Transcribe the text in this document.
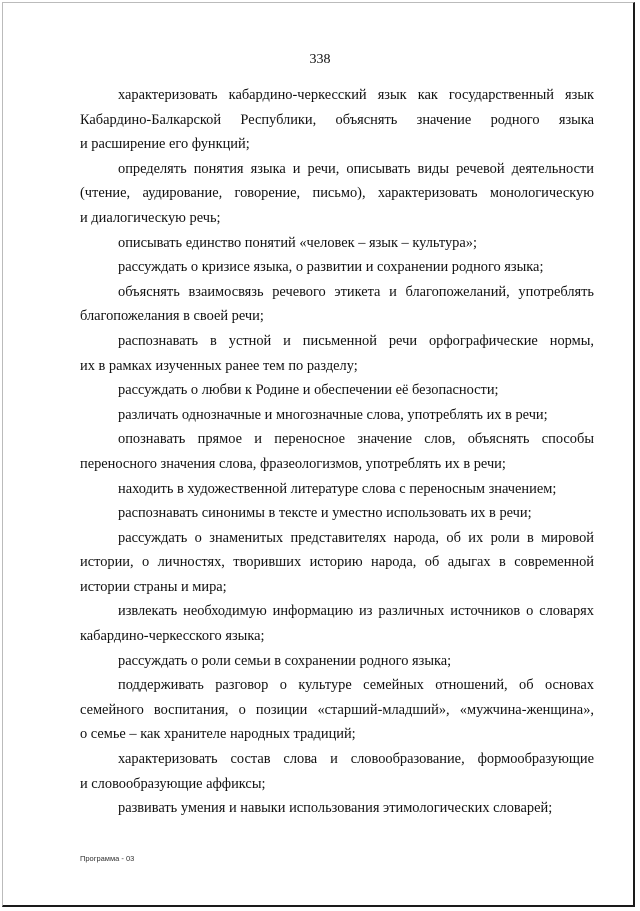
338
характеризовать кабардино-черкесский язык как государственный язык
Кабардино-Балкарской Республики, объяснять значение родного языка
и расширение его функций;
определять понятия языка и речи, описывать виды речевой деятельности
(чтение, аудирование, говорение, письмо), характеризовать монологическую
и диалогическую речь;
описывать единство понятий «человек – язык – культура»;
рассуждать о кризисе языка, о развитии и сохранении родного языка;
объяснять взаимосвязь речевого этикета и благопожеланий, употреблять
благопожелания в своей речи;
распознавать в устной и письменной речи орфографические нормы,
их в рамках изученных ранее тем по разделу;
рассуждать о любви к Родине и обеспечении её безопасности;
различать однозначные и многозначные слова, употреблять их в речи;
опознавать прямое и переносное значение слов, объяснять способы
переносного значения слова, фразеологизмов, употреблять их в речи;
находить в художественной литературе слова с переносным значением;
распознавать синонимы в тексте и уместно использовать их в речи;
рассуждать о знаменитых представителях народа, об их роли в мировой
истории, о личностях, творивших историю народа, об адыгах в современной
истории страны и мира;
извлекать необходимую информацию из различных источников о словарях
кабардино-черкесского языка;
рассуждать о роли семьи в сохранении родного языка;
поддерживать разговор о культуре семейных отношений, об основах
семейного воспитания, о позиции «старший-младший», «мужчина-женщина»,
о семье – как хранителе народных традиций;
характеризовать состав слова и словообразование, формообразующие
и словообразующие аффиксы;
развивать умения и навыки использования этимологических словарей;
Программа - 03
